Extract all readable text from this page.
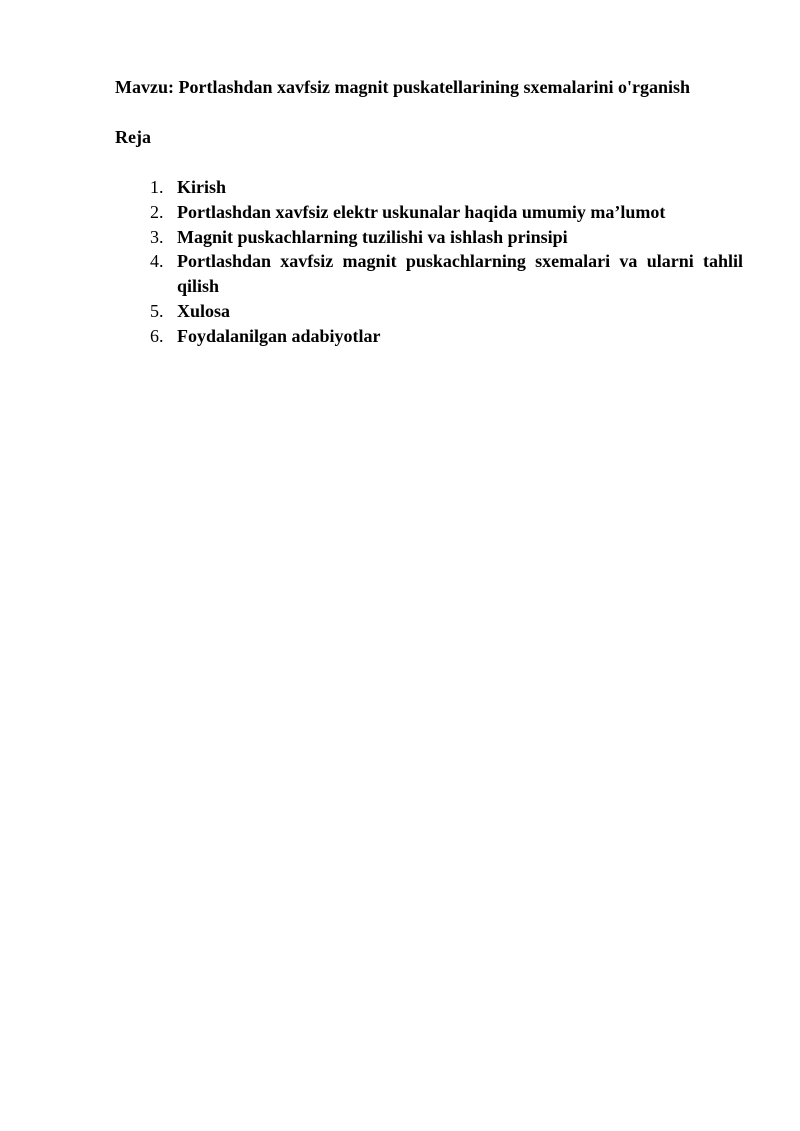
Mavzu: Portlashdan xavfsiz magnit puskatellarining sxemalarini o'rganish
Reja
1. Kirish
2. Portlashdan xavfsiz elektr uskunalar haqida umumiy ma’lumot
3. Magnit puskachlarning tuzilishi va ishlash prinsipi
4. Portlashdan xavfsiz magnit puskachlarning sxemalari va ularni tahlil qilish
5. Xulosa
6. Foydalanilgan adabiyotlar
